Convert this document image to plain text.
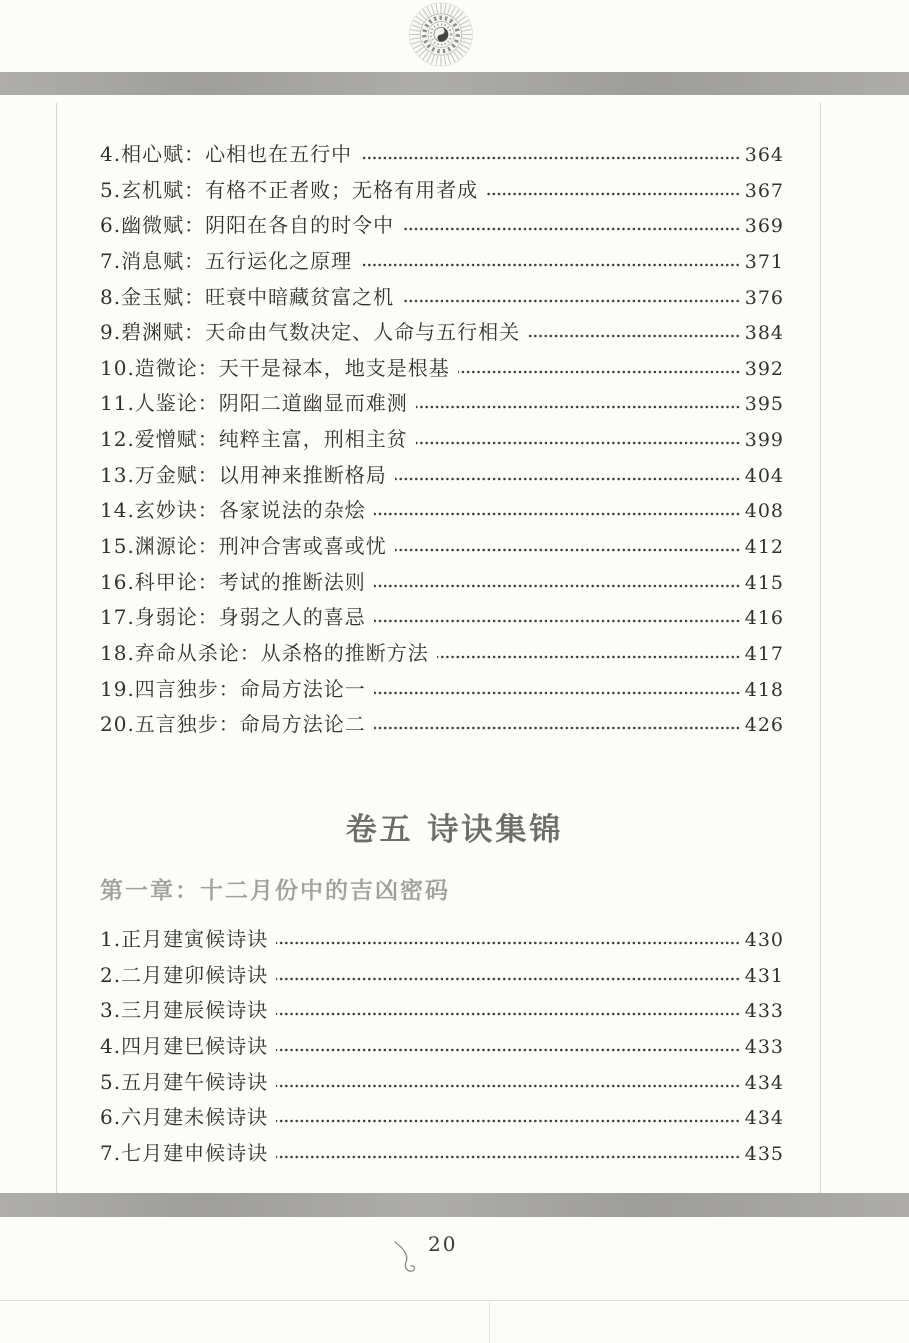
4.相心赋：心相也在五行中	364
5.玄机赋：有格不正者败；无格有用者成	367
6.幽微赋：阴阳在各自的时令中	369
7.消息赋：五行运化之原理	371
8.金玉赋：旺衰中暗藏贫富之机	376
9.碧渊赋：天命由气数决定、人命与五行相关	384
10.造微论：天干是禄本，地支是根基	392
11.人鉴论：阴阳二道幽显而难测	395
12.爱憎赋：纯粹主富，刑相主贫	399
13.万金赋：以用神来推断格局	404
14.玄妙诀：各家说法的杂烩	408
15.渊源论：刑冲合害或喜或忧	412
16.科甲论：考试的推断法则	415
17.身弱论：身弱之人的喜忌	416
18.弃命从杀论：从杀格的推断方法	417
19.四言独步：命局方法论一	418
20.五言独步：命局方法论二	426
卷五 诗诀集锦
第一章：十二月份中的吉凶密码
1.正月建寅候诗诀	430
2.二月建卯候诗诀	431
3.三月建辰候诗诀	433
4.四月建巳候诗诀	433
5.五月建午候诗诀	434
6.六月建未候诗诀	434
7.七月建申候诗诀	435
20
